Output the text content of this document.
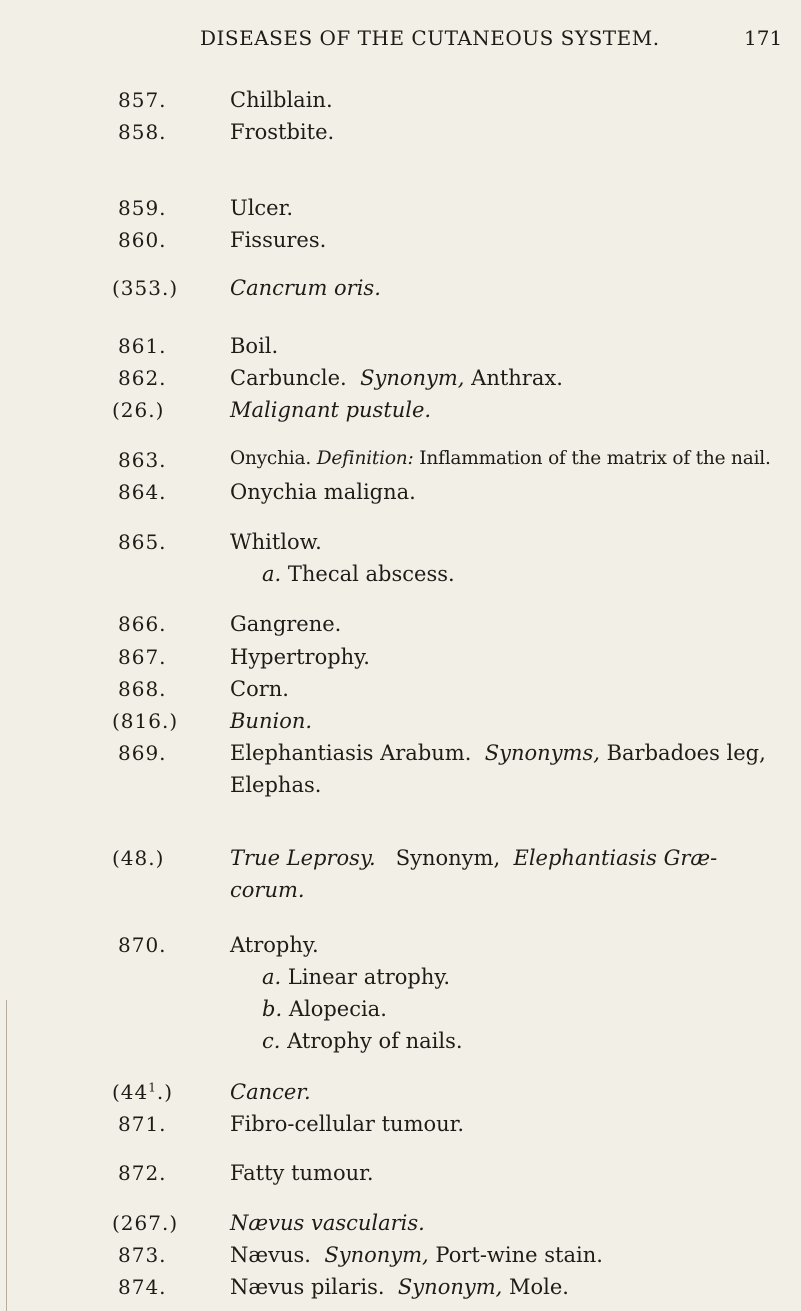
DISEASES OF THE CUTANEOUS SYSTEM.	171
857.	Chilblain.
858.	Frostbite.
859.	Ulcer.
860.	Fissures.
(353.) Cancrum oris.
861.	Boil.
862.	Carbuncle. Synonym, Anthrax.
(26.)	Malignant pustule.
863.	Onychia. Definition: Inflammation of the matrix of the nail.
864.	Onychia maligna.
865.	Whitlow.
a. Thecal abscess.
866.	Gangrene.
867.	Hypertrophy.
868.	Corn.
(816.) Bunion.
869.	Elephantiasis Arabum. Synonyms, Barbadoes leg,
Elephas.
(48.)	True Leprosy. Synonym, Elephantiasis Græ-
corum.
870.	Atrophy.
a. Linear atrophy.
b. Alopecia.
c. Atrophy of nails.
$(44^1.)$	Cancer.
871.	Fibro-cellular tumour.
872.	Fatty tumour.
(267.) Nævus vascularis.
873.	Nævus. Synonym, Port-wine stain.
874.	Nævus pilaris. Synonym, Mole.
